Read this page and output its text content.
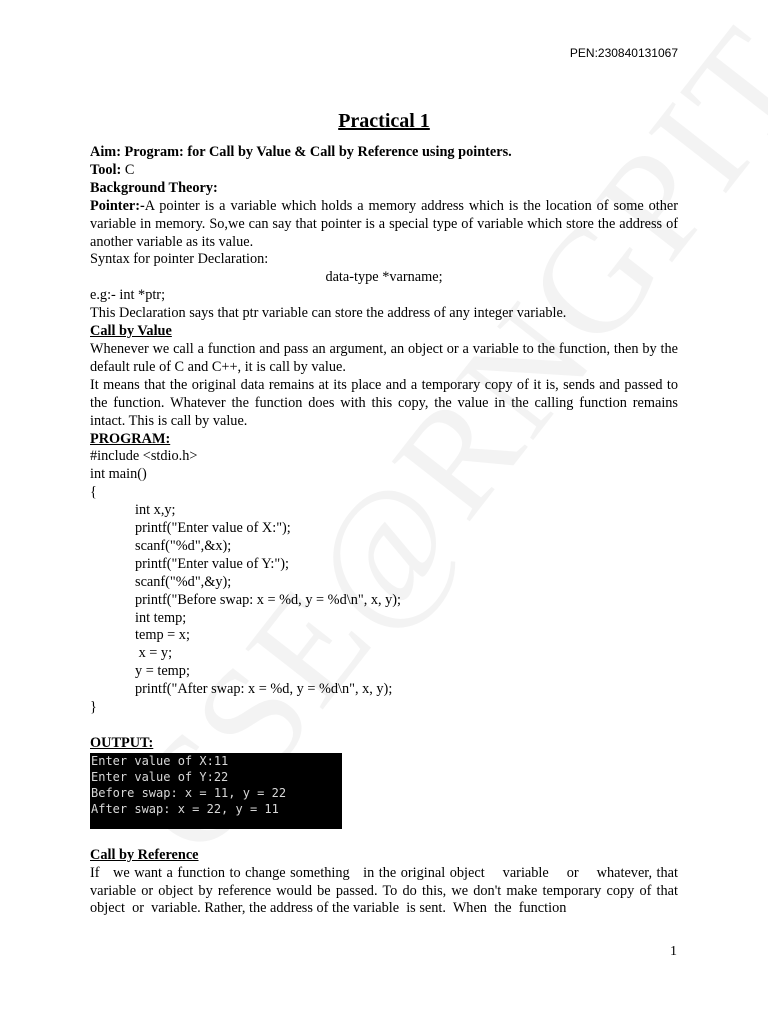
PEN:230840131067
Practical 1

Aim: Program: for Call by Value & Call by Reference using pointers.

Tool: C

Background Theory:

Pointer:-A pointer is a variable which holds a memory address which is the location of some other variable in memory. So,we can say that pointer is a special type of variable which store the address of another variable as its value.

Syntax for pointer Declaration:

data-type *varname;

e.g:- int *ptr;

This Declaration says that ptr variable can store the address of any integer variable.

Call by Value

Whenever we call a function and pass an argument, an object or a variable to the function, then by the default rule of C and C++, it is call by value.

It means that the original data remains at its place and a temporary copy of it is, sends and passed to the function. Whatever the function does with this copy, the value in the calling function remains intact. This is call by value.

PROGRAM:

#include <stdio.h>

int main()

{

int x,y;

printf("Enter value of X:");

scanf("%d",&x);

printf("Enter value of Y:");

scanf("%d",&y);

printf("Before swap: x = %d, y = %d\n", x, y);

int temp;

temp = x;

x = y;

y = temp;

printf("After swap: x = %d, y = %d\n", x, y);

}

OUTPUT:

Enter value of X:11
Enter value of Y:22
Before swap: x = 11, y = 22
After swap: x = 22, y = 11

Call by Reference

If   we want a function to change something   in the original object    variable    or    whatever, that variable or object by reference would be passed. To do this, we don't make temporary copy of that object  or  variable. Rather, the address of the variable  is sent.  When  the  function

1
